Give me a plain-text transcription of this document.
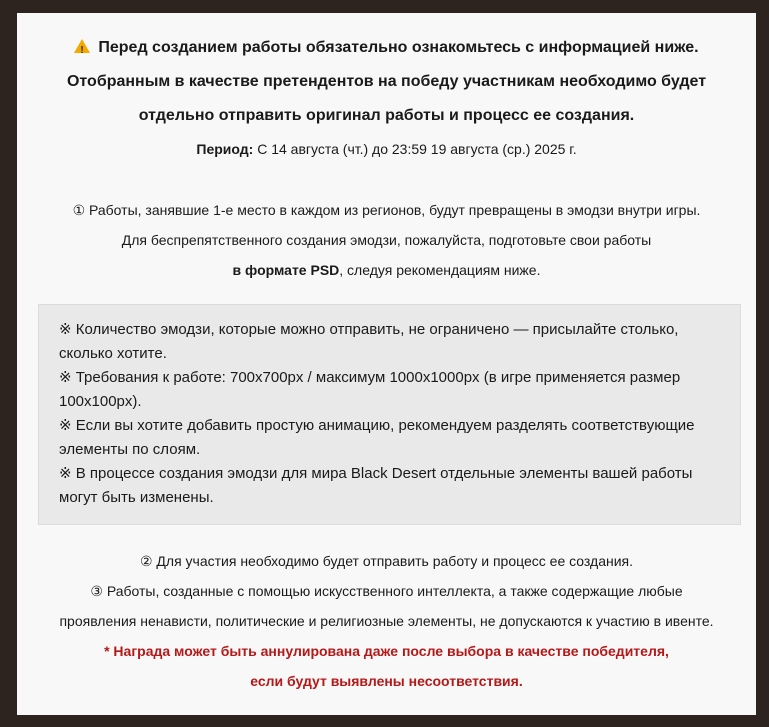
!Перед созданием работы обязательно ознакомьтесь с информацией ниже.
Отобранным в качестве претендентов на победу участникам необходимо будет
отдельно отправить оригинал работы и процесс ее создания.
Период: С 14 августа (чт.) до 23:59 19 августа (ср.) 2025 г.
① Работы, занявшие 1-е место в каждом из регионов, будут превращены в эмодзи внутри игры.
Для беспрепятственного создания эмодзи, пожалуйста, подготовьте свои работы
в формате PSD, следуя рекомендациям ниже.
※ Количество эмодзи, которые можно отправить, не ограничено — присылайте столько,
сколько хотите.
※ Требования к работе: 700x700px / максимум 1000x1000px (в игре применяется размер
100x100px).
※ Если вы хотите добавить простую анимацию, рекомендуем разделять соответствующие
элементы по слоям.
※ В процессе создания эмодзи для мира Black Desert отдельные элементы вашей работы
могут быть изменены.
② Для участия необходимо будет отправить работу и процесс ее создания.
③ Работы, созданные с помощью искусственного интеллекта, а также содержащие любые
проявления ненависти, политические и религиозные элементы, не допускаются к участию в ивенте.
* Награда может быть аннулирована даже после выбора в качестве победителя,
если будут выявлены несоответствия.
